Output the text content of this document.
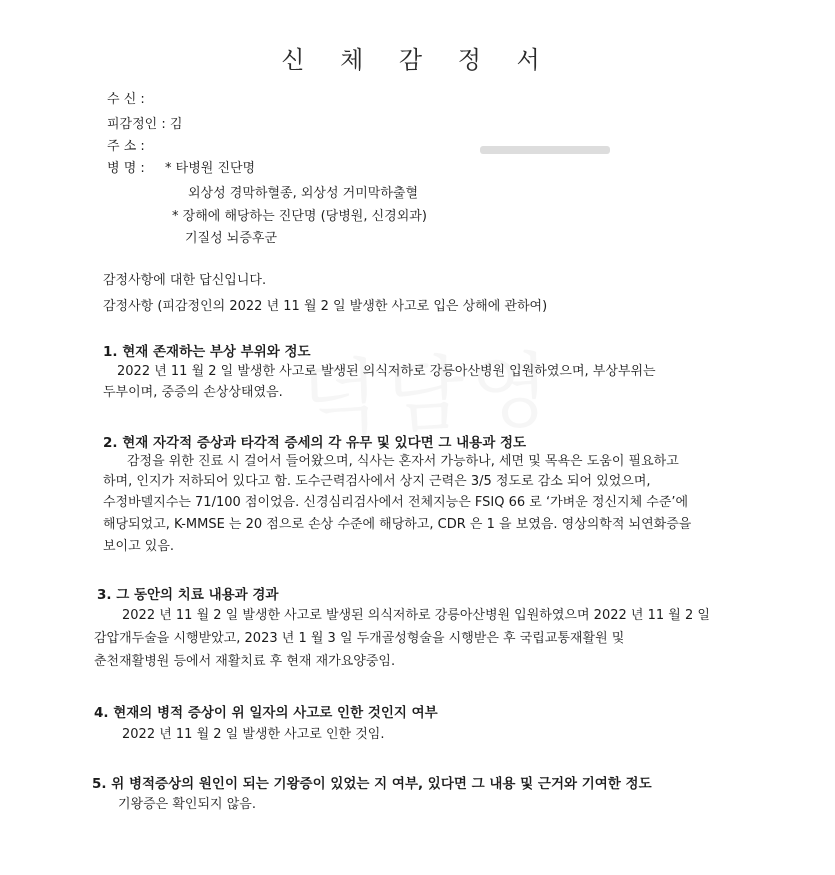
신 체 감 정 서
수 신 :
피감정인 : 김
주 소 :
병 명 : * 타병원 진단명
외상성 경막하혈종, 외상성 거미막하출혈
* 장해에 해당하는 진단명 (당병원, 신경외과)
기질성 뇌증후군
감정사항에 대한 답신입니다.
감정사항 (피감정인의 2022 년 11 월 2 일 발생한 사고로 입은 상해에 관하여)
1. 현재 존재하는 부상 부위와 정도
2022 년 11 월 2 일 발생한 사고로 발생된 의식저하로 강릉아산병원 입원하였으며, 부상부위는
두부이며, 중증의 손상상태였음.
2. 현재 자각적 증상과 타각적 증세의 각 유무 및 있다면 그 내용과 정도
감정을 위한 진료 시 걸어서 들어왔으며, 식사는 혼자서 가능하나, 세면 및 목욕은 도움이 필요하고
하며, 인지가 저하되어 있다고 함. 도수근력검사에서 상지 근력은 3/5 정도로 감소 되어 있었으며,
수정바델지수는 71/100 점이었음. 신경심리검사에서 전체지능은 FSIQ 66 로 ‘가벼운 정신지체 수준’에
해당되었고, K-MMSE 는 20 점으로 손상 수준에 해당하고, CDR 은 1 을 보였음. 영상의학적 뇌연화증을
보이고 있음.
3. 그 동안의 치료 내용과 경과
2022 년 11 월 2 일 발생한 사고로 발생된 의식저하로 강릉아산병원 입원하였으며 2022 년 11 월 2 일
감압개두술을 시행받았고, 2023 년 1 월 3 일 두개골성형술을 시행받은 후 국립교통재활원 및
춘천재활병원 등에서 재활치료 후 현재 재가요양중임.
4. 현재의 병적 증상이 위 일자의 사고로 인한 것인지 여부
2022 년 11 월 2 일 발생한 사고로 인한 것임.
5. 위 병적증상의 원인이 되는 기왕증이 있었는 지 여부, 있다면 그 내용 및 근거와 기여한 정도
기왕증은 확인되지 않음.
